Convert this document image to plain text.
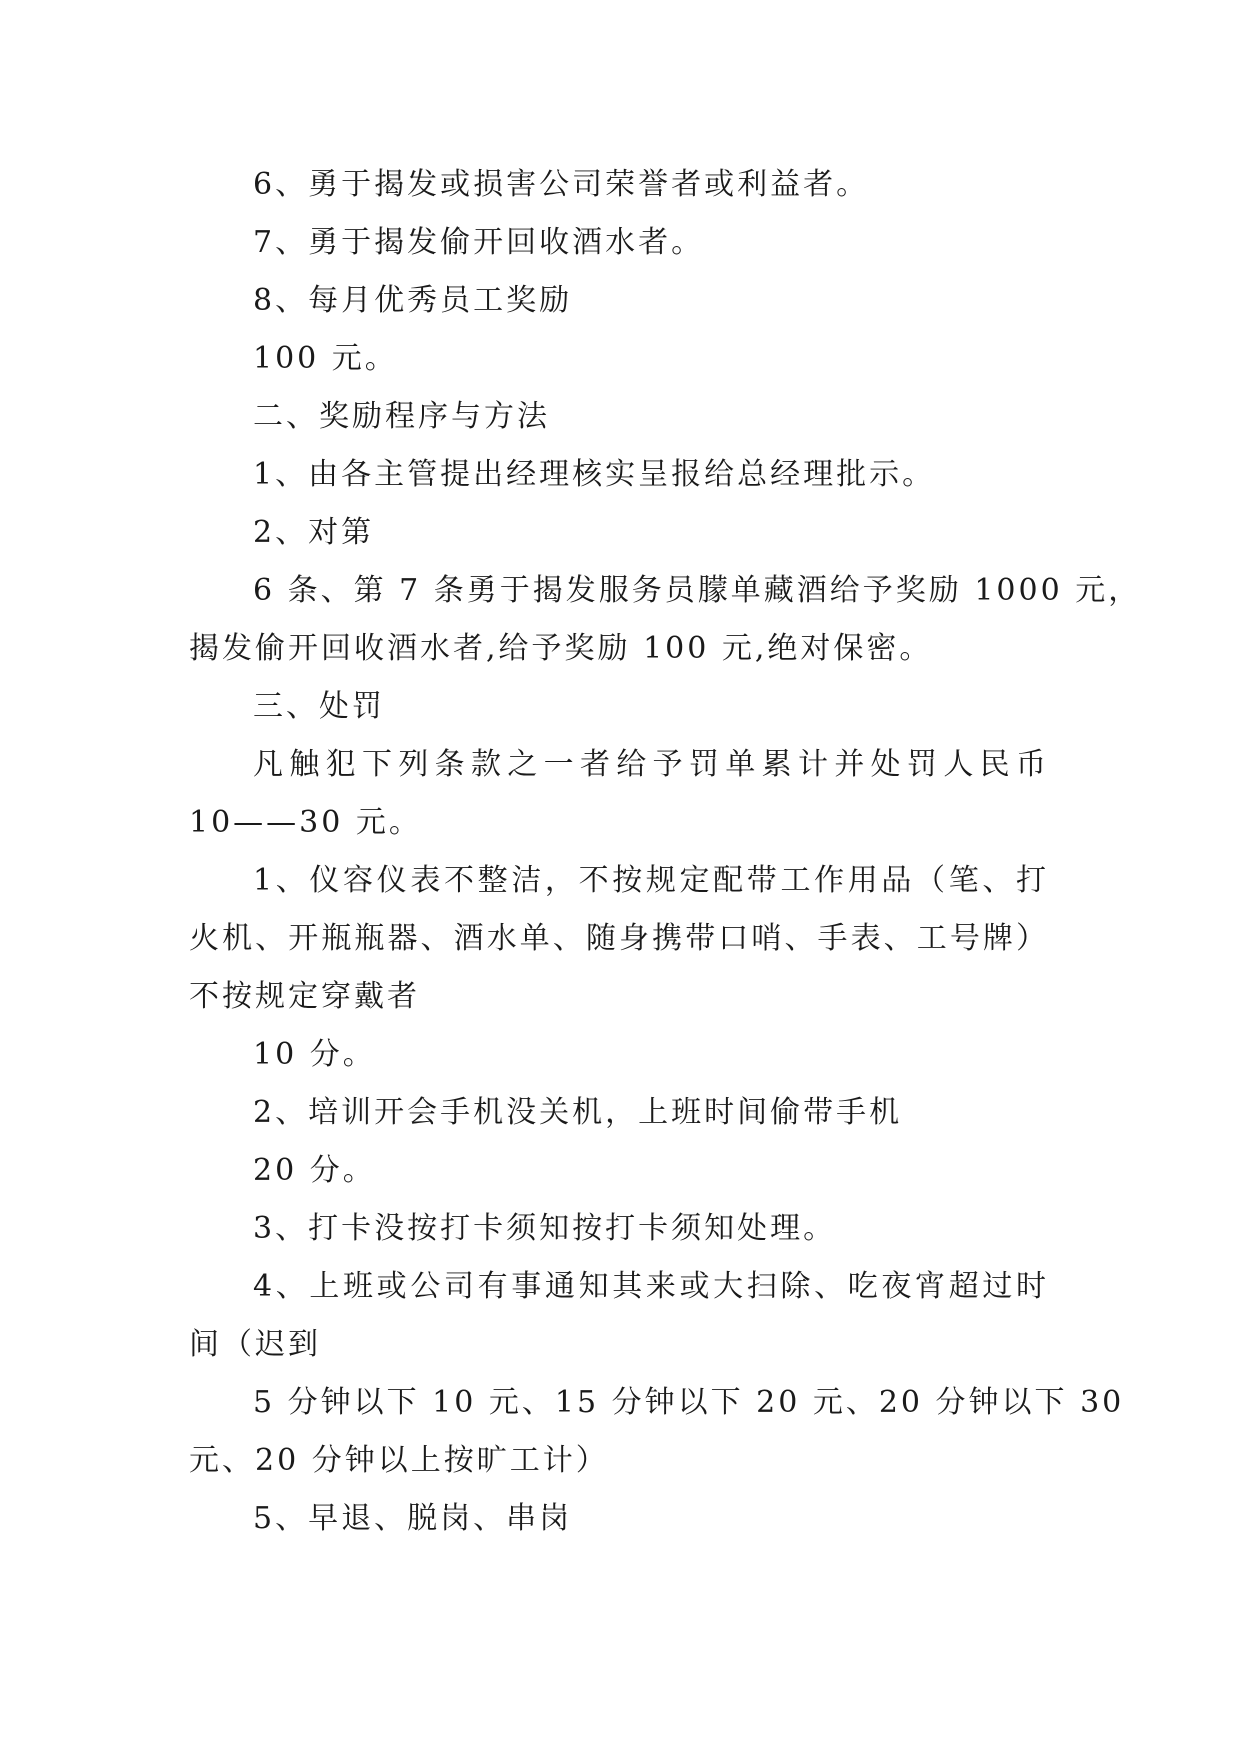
6、勇于揭发或损害公司荣誉者或利益者。
7、勇于揭发偷开回收酒水者。
8、每月优秀员工奖励
100 元。
二、奖励程序与方法
1、由各主管提出经理核实呈报给总经理批示。
2、对第
6 条、第 7 条勇于揭发服务员朦单藏酒给予奖励 1000 元，
揭发偷开回收酒水者,给予奖励 100 元,绝对保密。
三、处罚
凡触犯下列条款之一者给予罚单累计并处罚人民币
10——30 元。
1、仪容仪表不整洁，不按规定配带工作用品（笔、打
火机、开瓶瓶器、酒水单、随身携带口哨、手表、工号牌）
不按规定穿戴者
10 分。
2、培训开会手机没关机，上班时间偷带手机
20 分。
3、打卡没按打卡须知按打卡须知处理。
4、上班或公司有事通知其来或大扫除、吃夜宵超过时
间（迟到
5 分钟以下 10 元、15 分钟以下 20 元、20 分钟以下 30
元、20 分钟以上按旷工计）
5、早退、脱岗、串岗
